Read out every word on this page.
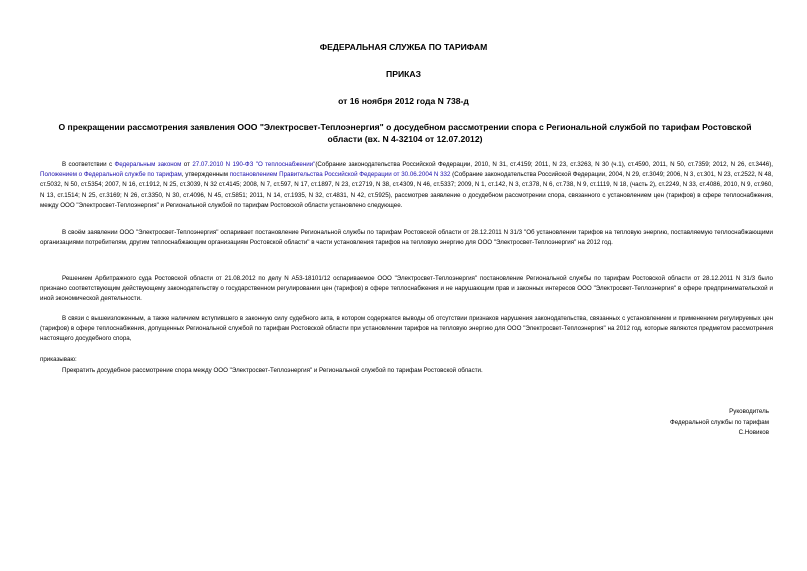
ФЕДЕРАЛЬНАЯ СЛУЖБА ПО ТАРИФАМ
ПРИКАЗ
от 16 ноября 2012 года N 738-д
О прекращении рассмотрения заявления ООО "Электросвет-Теплоэнергия" о досудебном рассмотрении спора с Региональной службой по тарифам Ростовской области (вх. N 4-32104 от 12.07.2012)
В соответствии с Федеральным законом от 27.07.2010 N 190-ФЗ "О теплоснабжении"(Собрание законодательства Российской Федерации, 2010, N 31, ст.4159; 2011, N 23, ст.3263, N 30 (ч.1), ст.4590, 2011, N 50, ст.7359; 2012, N 26, ст.3446), Положением о Федеральной службе по тарифам, утвержденным постановлением Правительства Российской Федерации от 30.06.2004 N 332 (Собрание законодательства Российской Федерации, 2004, N 29, ст.3049; 2006, N 3, ст.301, N 23, ст.2522, N 48, ст.5032, N 50, ст.5354; 2007, N 16, ст.1912, N 25, ст.3039, N 32 ст.4145; 2008, N 7, ст.597, N 17, ст.1897, N 23, ст.2719, N 38, ст.4309, N 46, ст.5337; 2009, N 1, ст.142, N 3, ст.378, N 6, ст.738, N 9, ст.1119, N 18, (часть 2), ст.2249, N 33, ст.4086, 2010, N 9, ст.960, N 13, ст.1514; N 25, ст.3169; N 26, ст.3350, N 30, ст.4096, N 45, ст.5851; 2011, N 14, ст.1935, N 32, ст.4831, N 42, ст.5925), рассмотрев заявление о досудебном рассмотрении спора, связанного с установлением цен (тарифов) в сфере теплоснабжения, между ООО "Электросвет-Теплоэнергия" и Региональной службой по тарифам Ростовской области установлено следующее.
В своём заявлении ООО "Электросвет-Теплоэнергия" оспаривает постановление Региональной службы по тарифам Ростовской области от 28.12.2011 N 31/3 "Об установлении тарифов на тепловую энергию, поставляемую теплоснабжающими организациями потребителям, другим теплоснабжающим организациям Ростовской области" в части установления тарифов на тепловую энергию для ООО "Электросвет-Теплоэнергия" на 2012 год.
Решением Арбитражного суда Ростовской области от 21.08.2012 по делу N А53-18101/12 оспариваемое ООО "Электросвет-Теплоэнергия" постановление Региональной службы по тарифам Ростовской области от 28.12.2011 N 31/3 было признано соответствующим действующему законодательству о государственном регулировании цен (тарифов) в сфере теплоснабжения и не нарушающим прав и законных интересов ООО "Электросвет-Теплоэнергия" в сфере предпринимательской и иной экономической деятельности.
В связи с вышеизложенным, а также наличием вступившего в законную силу судебного акта, в котором содержатся выводы об отсутствии признаков нарушения законодательства, связанных с установлением и применением регулируемых цен (тарифов) в сфере теплоснабжения, допущенных Региональной службой по тарифам Ростовской области при установлении тарифов на тепловую энергию для ООО "Электросвет-Теплоэнергия" на 2012 год, которые являются предметом рассмотрения настоящего досудебного спора,
приказываю:
Прекратить досудебное рассмотрение спора между ООО "Электросвет-Теплоэнергия" и Региональной службой по тарифам Ростовской области.
Руководитель
Федеральной службы по тарифам
С.Новиков
